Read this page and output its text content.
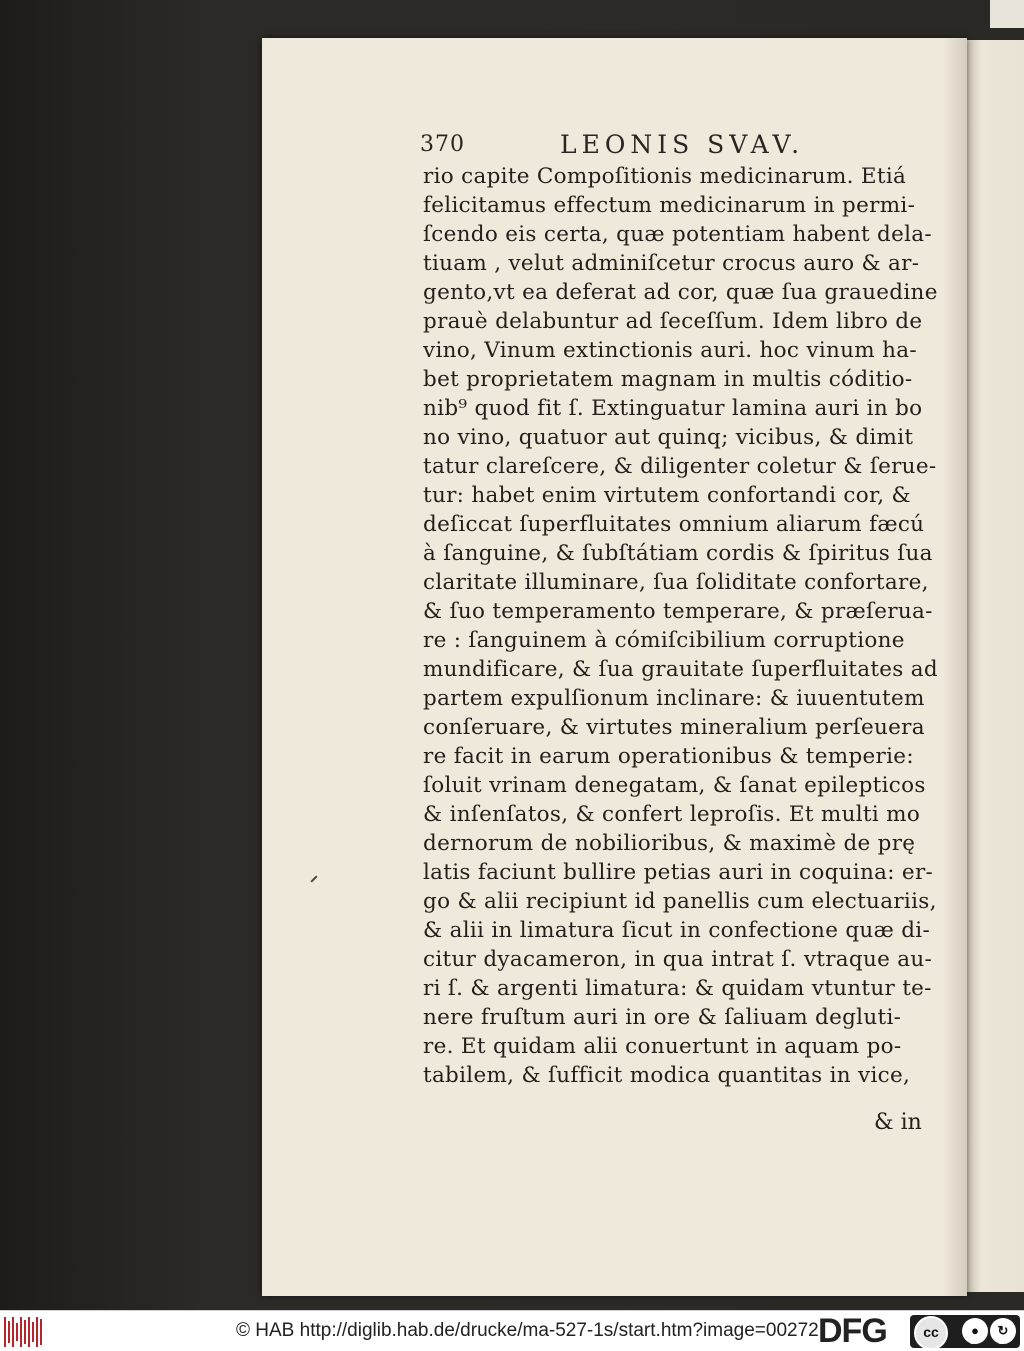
370	LEONIS SVAV.
rio capite Compoſitionis medicinarum. Etiá
felicitamus effectum medicinarum in permi-
ſcendo eis certa, quæ potentiam habent dela-
tiuam , velut adminiſcetur crocus auro & ar-
gento,vt ea deferat ad cor, quæ ſua grauedine
prauè delabuntur ad ſeceſſum. Idem libro de
vino, Vinum extinctionis auri. hoc vinum ha-
bet proprietatem magnam in multis códitio-
nib⁹ quod fit ſ. Extinguatur lamina auri in bo
no vino, quatuor aut quinq; vicibus, & dimit
tatur clareſcere, & diligenter coletur & ſerue-
tur: habet enim virtutem confortandi cor, &
deſiccat ſuperfluitates omnium aliarum fæcú
à ſanguine, & ſubſtátiam cordis & ſpiritus ſua
claritate illuminare, ſua ſoliditate confortare,
& ſuo temperamento temperare, & præſerua-
re : ſanguinem à cómiſcibilium corruptione
mundificare, & ſua grauitate ſuperfluitates ad
partem expulſionum inclinare: & iuuentutem
conſeruare, & virtutes mineralium perſeuera
re facit in earum operationibus & temperie:
ſoluit vrinam denegatam, & ſanat epilepticos
& inſenſatos, & confert leproſis. Et multi mo
dernorum de nobilioribus, & maximè de prę
latis faciunt bullire petias auri in coquina: er-
go & alii recipiunt id panellis cum electuariis,
& alii in limatura ſicut in confectione quæ di-
citur dyacameron, in qua intrat ſ. vtraque au-
ri ſ. & argenti limatura: & quidam vtuntur te-
nere fruſtum auri in ore & ſaliuam degluti-
re. Et quidam alii conuertunt in aquam po-
tabilem, & ſufficit modica quantitas in vice,
& in
© HAB http://diglib.hab.de/drucke/ma-527-1s/start.htm?image=00272 DFG	cc	●	↻
BY	SA
